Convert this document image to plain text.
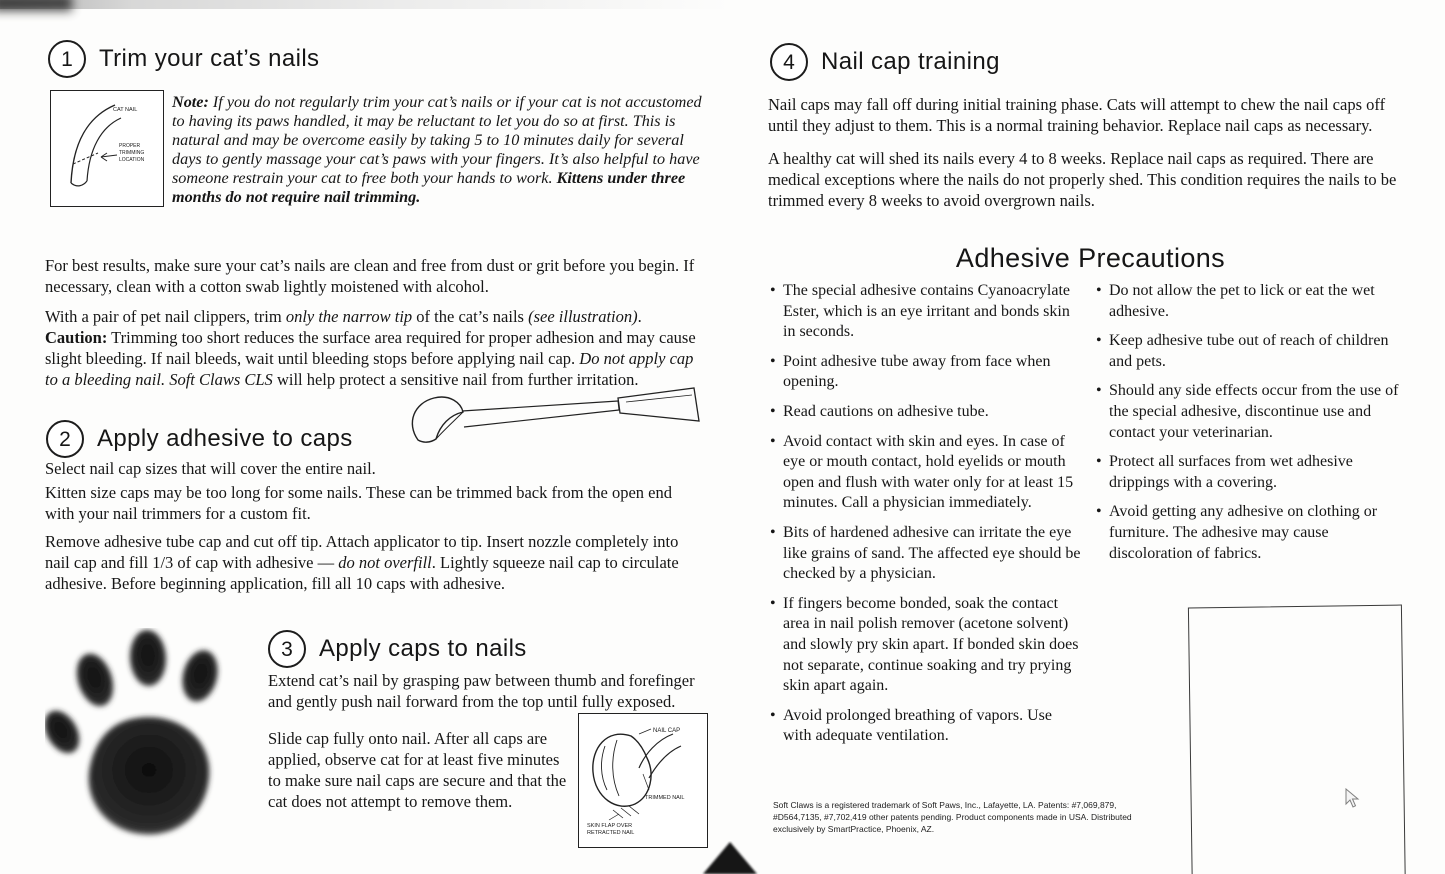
1 Trim your cat’s nails
CAT NAIL
PROPER
TRIMMING
LOCATION
Note: If you do not regularly trim your cat’s nails or if your cat is not accustomed to having its paws handled, it may be reluctant to let you do so at first. This is natural and may be overcome easily by taking 5 to 10 minutes daily for several days to gently massage your cat’s paws with your fingers. It’s also helpful to have someone restrain your cat to free both your hands to work. Kittens under three months do not require nail trimming.
For best results, make sure your cat’s nails are clean and free from dust or grit before you begin. If necessary, clean with a cotton swab lightly moistened with alcohol.
With a pair of pet nail clippers, trim only the narrow tip of the cat’s nails (see illustration). Caution: Trimming too short reduces the surface area required for proper adhesion and may cause slight bleeding. If nail bleeds, wait until bleeding stops before applying nail cap. Do not apply cap to a bleeding nail. Soft Claws CLS will help protect a sensitive nail from further irritation.
2 Apply adhesive to caps
Select nail cap sizes that will cover the entire nail.
Kitten size caps may be too long for some nails. These can be trimmed back from the open end with your nail trimmers for a custom fit.
Remove adhesive tube cap and cut off tip. Attach applicator to tip. Insert nozzle completely into nail cap and fill 1/3 of cap with adhesive — do not overfill. Lightly squeeze nail cap to circulate adhesive. Before beginning application, fill all 10 caps with adhesive.
3 Apply caps to nails
Extend cat’s nail by grasping paw between thumb and forefinger and gently push nail forward from the top until fully exposed.
Slide cap fully onto nail. After all caps are applied, observe cat for at least five minutes to make sure nail caps are secure and that the cat does not attempt to remove them.
NAIL CAP
TRIMMED NAIL
SKIN FLAP OVER
RETRACTED NAIL
4 Nail cap training
Nail caps may fall off during initial training phase. Cats will attempt to chew the nail caps off until they adjust to them. This is a normal training behavior. Replace nail caps as necessary.
A healthy cat will shed its nails every 4 to 8 weeks. Replace nail caps as required. There are medical exceptions where the nails do not properly shed. This condition requires the nails to be trimmed every 8 weeks to avoid overgrown nails.
Adhesive Precautions
• The special adhesive contains Cyanoacrylate Ester, which is an eye irritant and bonds skin in seconds.
• Point adhesive tube away from face when opening.
• Read cautions on adhesive tube.
• Avoid contact with skin and eyes. In case of eye or mouth contact, hold eyelids or mouth open and flush with water only for at least 15 minutes. Call a physician immediately.
• Bits of hardened adhesive can irritate the eye like grains of sand. The affected eye should be checked by a physician.
• If fingers become bonded, soak the contact area in nail polish remover (acetone solvent) and slowly pry skin apart. If bonded skin does not separate, continue soaking and try prying skin apart again.
• Avoid prolonged breathing of vapors. Use with adequate ventilation.
• Do not allow the pet to lick or eat the wet adhesive.
• Keep adhesive tube out of reach of children and pets.
• Should any side effects occur from the use of the special adhesive, discontinue use and contact your veterinarian.
• Protect all surfaces from wet adhesive drippings with a covering.
• Avoid getting any adhesive on clothing or furniture. The adhesive may cause discoloration of fabrics.
Soft Claws is a registered trademark of Soft Paws, Inc., Lafayette, LA. Patents: #7,069,879, #D564,7135, #7,702,419 other patents pending. Product components made in USA. Distributed exclusively by SmartPractice, Phoenix, AZ.
